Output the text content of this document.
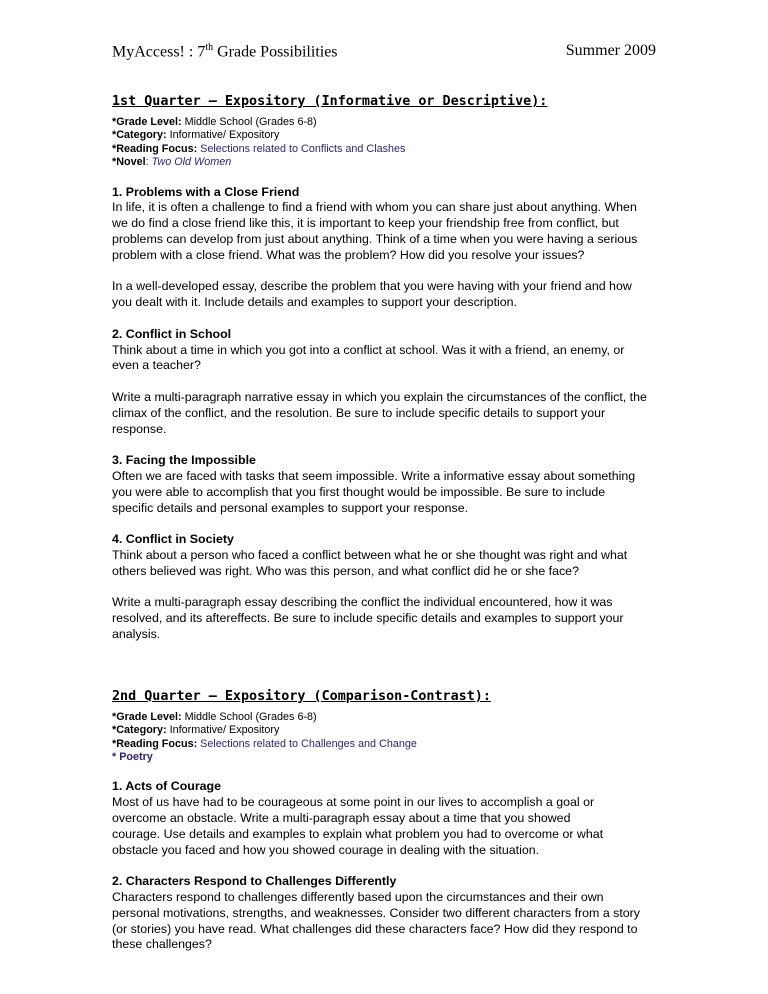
MyAccess! : 7th Grade Possibilities	Summer 2009

1st Quarter – Expository (Informative or Descriptive):

*Grade Level: Middle School (Grades 6-8)

*Category: Informative/ Expository

*Reading Focus: Selections related to Conflicts and Clashes

*Novel: Two Old Women

1. Problems with a Close Friend

In life, it is often a challenge to find a friend with whom you can share just about anything. When

we do find a close friend like this, it is important to keep your friendship free from conflict, but

problems can develop from just about anything. Think of a time when you were having a serious

problem with a close friend. What was the problem? How did you resolve your issues?

In a well-developed essay, describe the problem that you were having with your friend and how

you dealt with it. Include details and examples to support your description.

2. Conflict in School

Think about a time in which you got into a conflict at school. Was it with a friend, an enemy, or

even a teacher?

Write a multi-paragraph narrative essay in which you explain the circumstances of the conflict, the

climax of the conflict, and the resolution. Be sure to include specific details to support your

response.

3. Facing the Impossible

Often we are faced with tasks that seem impossible. Write a informative essay about something

you were able to accomplish that you first thought would be impossible. Be sure to include

specific details and personal examples to support your response.

4. Conflict in Society

Think about a person who faced a conflict between what he or she thought was right and what

others believed was right. Who was this person, and what conflict did he or she face?

Write a multi-paragraph essay describing the conflict the individual encountered, how it was

resolved, and its aftereffects. Be sure to include specific details and examples to support your

analysis.

2nd Quarter – Expository (Comparison-Contrast):

*Grade Level: Middle School (Grades 6-8)

*Category: Informative/ Expository

*Reading Focus: Selections related to Challenges and Change

* Poetry

1. Acts of Courage

Most of us have had to be courageous at some point in our lives to accomplish a goal or

overcome an obstacle. Write a multi-paragraph essay about a time that you showed

courage. Use details and examples to explain what problem you had to overcome or what

obstacle you faced and how you showed courage in dealing with the situation.

2. Characters Respond to Challenges Differently

Characters respond to challenges differently based upon the circumstances and their own

personal motivations, strengths, and weaknesses. Consider two different characters from a story

(or stories) you have read. What challenges did these characters face? How did they respond to

these challenges?
